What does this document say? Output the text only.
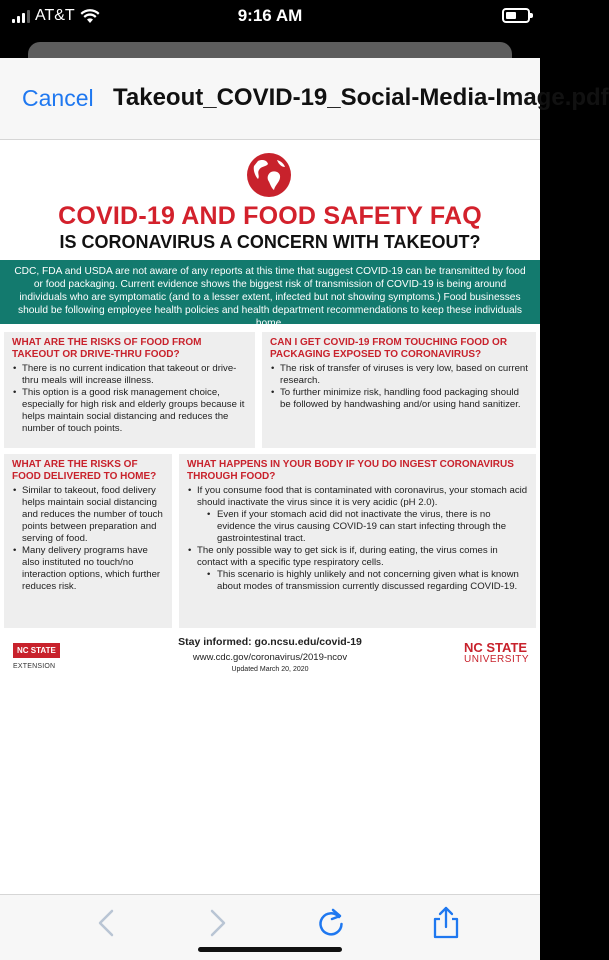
AT&T	9:16 AM
Cancel Takeout_COVID-19_Social-Media-Image.pdf
COVID-19 AND FOOD SAFETY FAQ
IS CORONAVIRUS A CONCERN WITH TAKEOUT?
CDC, FDA and USDA are not aware of any reports at this time that suggest COVID-19 can be transmitted by food or food packaging. Current evidence shows the biggest risk of transmission of COVID-19 is being around individuals who are symptomatic (and to a lesser extent, infected but not showing symptoms.) Food businesses should be following employee health policies and health department recommendations to keep these individuals home.
WHAT ARE THE RISKS OF FOOD FROM TAKEOUT OR DRIVE-THRU FOOD?
• There is no current indication that takeout or drive-thru meals will increase illness.
• This option is a good risk management choice, especially for high risk and elderly groups because it helps maintain social distancing and reduces the number of touch points.
CAN I GET COVID-19 FROM TOUCHING FOOD OR PACKAGING EXPOSED TO CORONAVIRUS?
• The risk of transfer of viruses is very low, based on current research.
• To further minimize risk, handling food packaging should be followed by handwashing and/or using hand sanitizer.
WHAT ARE THE RISKS OF FOOD DELIVERED TO HOME?
• Similar to takeout, food delivery helps maintain social distancing and reduces the number of touch points between preparation and serving of food.
• Many delivery programs have also instituted no touch/no interaction options, which further reduces risk.
WHAT HAPPENS IN YOUR BODY IF YOU DO INGEST CORONAVIRUS THROUGH FOOD?
• If you consume food that is contaminated with coronavirus, your stomach acid should inactivate the virus since it is very acidic (pH 2.0).
• Even if your stomach acid did not inactivate the virus, there is no evidence the virus causing COVID-19 can start infecting through the gastrointestinal tract.
• The only possible way to get sick is if, during eating, the virus comes in contact with a specific type respiratory cells.
• This scenario is highly unlikely and not concerning given what is known about modes of transmission currently discussed regarding COVID-19.
NC STATE
EXTENSION
Stay informed: go.ncsu.edu/covid-19
www.cdc.gov/coronavirus/2019-ncov
Updated March 20, 2020
NC STATE
UNIVERSITY
